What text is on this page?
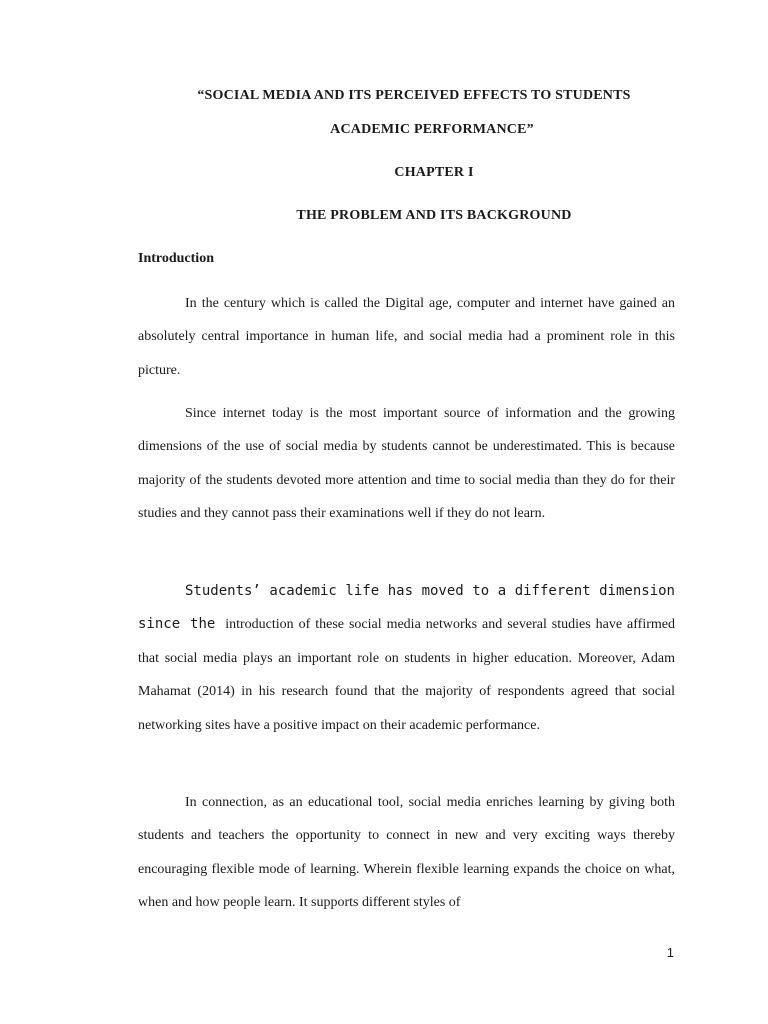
“SOCIAL MEDIA AND ITS PERCEIVED EFFECTS TO STUDENTS
ACADEMIC PERFORMANCE”
CHAPTER I
THE PROBLEM AND ITS BACKGROUND
Introduction

In the century which is called the Digital age, computer and internet have gained an absolutely central importance in human life, and social media had a prominent role in this picture.

Since internet today is the most important source of information and the growing dimensions of the use of social media by students cannot be underestimated. This is because majority of the students devoted more attention and time to social media than they do for their studies and they cannot pass their examinations well if they do not learn.

Students’ academic life has moved to a different dimension since the introduction of these social media networks and several studies have affirmed that social media plays an important role on students in higher education. Moreover, Adam Mahamat (2014) in his research found that the majority of respondents agreed that social networking sites have a positive impact on their academic performance.

In connection, as an educational tool, social media enriches learning by giving both students and teachers the opportunity to connect in new and very exciting ways thereby encouraging flexible mode of learning. Wherein flexible learning expands the choice on what, when and how people learn. It supports different styles of

1
